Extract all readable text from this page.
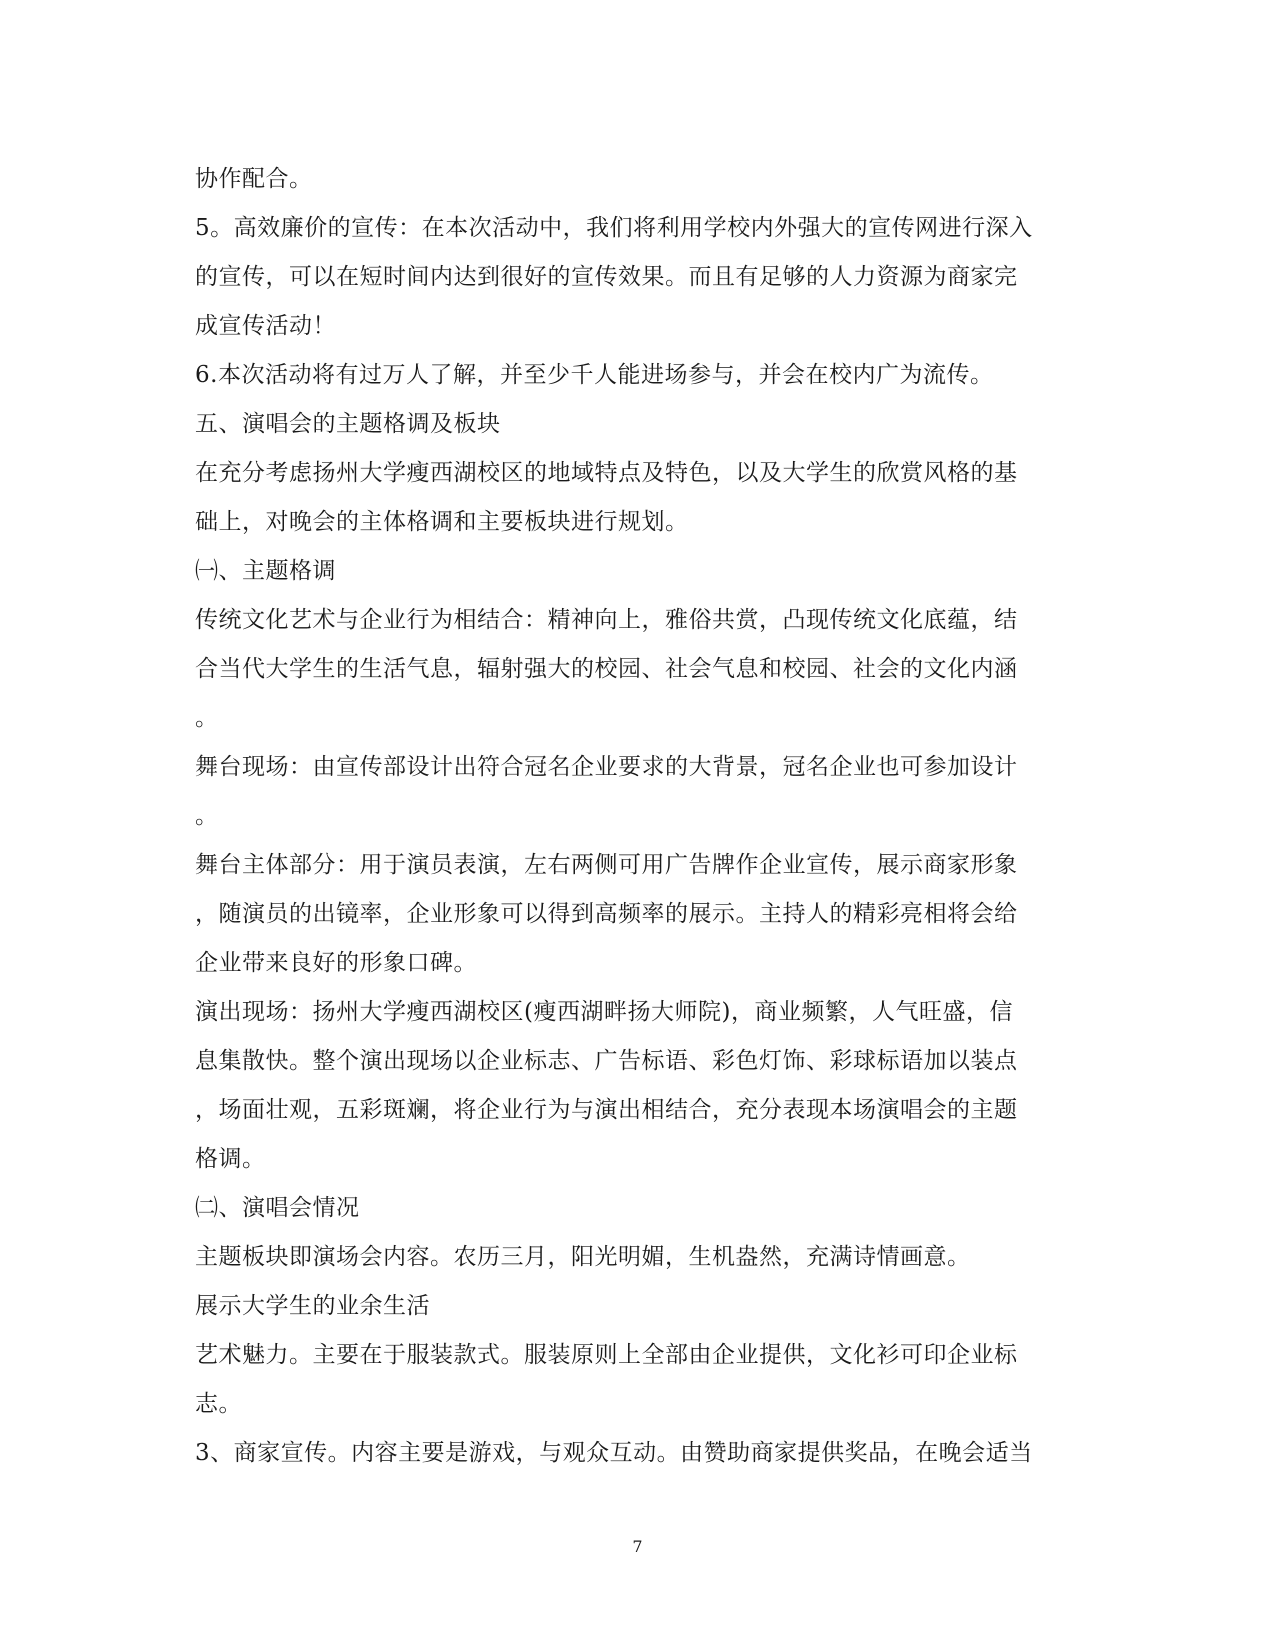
协作配合。
5。高效廉价的宣传：在本次活动中，我们将利用学校内外强大的宣传网进行深入
的宣传，可以在短时间内达到很好的宣传效果。而且有足够的人力资源为商家完
成宣传活动！
6.本次活动将有过万人了解，并至少千人能进场参与，并会在校内广为流传。
五、演唱会的主题格调及板块
在充分考虑扬州大学瘦西湖校区的地域特点及特色，以及大学生的欣赏风格的基
础上，对晚会的主体格调和主要板块进行规划。
㈠、主题格调
传统文化艺术与企业行为相结合：精神向上，雅俗共赏，凸现传统文化底蕴，结
合当代大学生的生活气息，辐射强大的校园、社会气息和校园、社会的文化内涵
。
舞台现场：由宣传部设计出符合冠名企业要求的大背景，冠名企业也可参加设计
。
舞台主体部分：用于演员表演，左右两侧可用广告牌作企业宣传，展示商家形象
，随演员的出镜率，企业形象可以得到高频率的展示。主持人的精彩亮相将会给
企业带来良好的形象口碑。
演出现场：扬州大学瘦西湖校区(瘦西湖畔扬大师院)，商业频繁，人气旺盛，信
息集散快。整个演出现场以企业标志、广告标语、彩色灯饰、彩球标语加以装点
，场面壮观，五彩斑斓，将企业行为与演出相结合，充分表现本场演唱会的主题
格调。
㈡、演唱会情况
主题板块即演场会内容。农历三月，阳光明媚，生机盎然，充满诗情画意。
展示大学生的业余生活
艺术魅力。主要在于服装款式。服装原则上全部由企业提供，文化衫可印企业标
志。
3、商家宣传。内容主要是游戏，与观众互动。由赞助商家提供奖品，在晚会适当
7
